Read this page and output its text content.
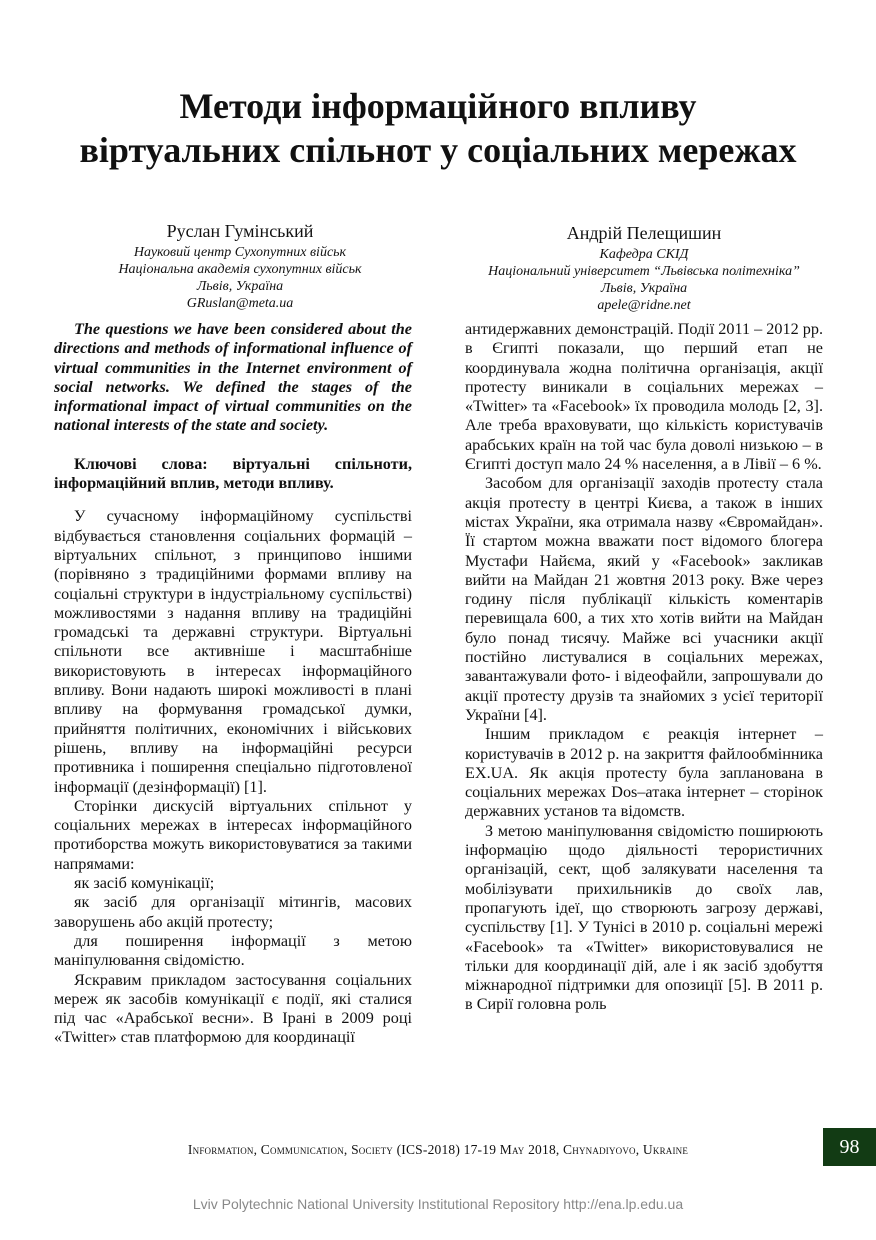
Методи інформаційного впливу
віртуальних спільнот у соціальних мережах
Руслан Гумінський
Науковий центр Сухопутних військ
Національна академія сухопутних військ
Львів, Україна
GRuslan@meta.ua
Андрій Пелещишин
Кафедра СКІД
Національний університет “Львівська політехніка”
Львів, Україна
apele@ridne.net

The questions we have been considered about the directions and methods of informational influence of virtual communities in the Internet environment of social networks. We defined the stages of the informational impact of virtual communities on the national interests of the state and society.

Ключові слова: віртуальні спільноти, інформаційний вплив, методи впливу.

У сучасному інформаційному суспільстві відбувається становлення соціальних формацій – віртуальних спільнот, з принципово іншими (порівняно з традиційними формами впливу на соціальні структури в індустріальному суспільстві) можливостями з надання впливу на традиційні громадські та державні структури. Віртуальні спільноти все активніше і масштабніше використовують в інтересах інформаційного впливу. Вони надають широкі можливості в плані впливу на формування громадської думки, прийняття політичних, економічних і військових рішень, впливу на інформаційні ресурси противника і поширення спеціально підготовленої інформації (дезінформації) [1].

Сторінки дискусій віртуальних спільнот у соціальних мережах в інтересах інформаційного протиборства можуть використовуватися за такими напрямами:

як засіб комунікації;

як засіб для організації мітингів, масових заворушень або акцій протесту;

для поширення інформації з метою маніпулювання свідомістю.

Яскравим прикладом застосування соціальних мереж як засобів комунікації є події, які сталися під час «Арабської весни». В Ірані в 2009 році «Twitter» став платформою для координації

антидержавних демонстрацій. Події 2011 – 2012 рр. в Єгипті показали, що перший етап не координувала жодна політична організація, акції протесту виникали в соціальних мережах – «Twitter» та «Facebook» їх проводила молодь [2, 3]. Але треба враховувати, що кількість користувачів арабських країн на той час була доволі низькою – в Єгипті доступ мало 24 % населення, а в Лівії – 6 %.

Засобом для організації заходів протесту стала акція протесту в центрі Києва, а також в інших містах України, яка отримала назву «Євромайдан». Її стартом можна вважати пост відомого блогера Мустафи Найєма, який у «Facebook» закликав вийти на Майдан 21 жовтня 2013 року. Вже через годину після публікації кількість коментарів перевищала 600, а тих хто хотів вийти на Майдан було понад тисячу. Майже всі учасники акції постійно листувалися в соціальних мережах, завантажували фото- і відеофайли, запрошували до акції протесту друзів та знайомих з усієї території України [4].

Іншим прикладом є реакція інтернет – користувачів в 2012 р. на закриття файлообмінника EX.UA. Як акція протесту була запланована в соціальних мережах Dos–атака інтернет – сторінок державних установ та відомств.

З метою маніпулювання свідомістю поширюють інформацію щодо діяльності терористичних організацій, сект, щоб залякувати населення та мобілізувати прихильників до своїх лав, пропагують ідеї, що створюють загрозу державі, суспільству [1]. У Тунісі в 2010 р. соціальні мережі «Facebook» та «Twitter» використовувалися не тільки для координації дій, але і як засіб здобуття міжнародної підтримки для опозиції [5]. В 2011 р. в Сирії головна роль

Information, Communication, Society (ICS-2018) 17-19 May 2018, Chynadiyovo, Ukraine	98
Lviv Polytechnic National University Institutional Repository http://ena.lp.edu.ua
